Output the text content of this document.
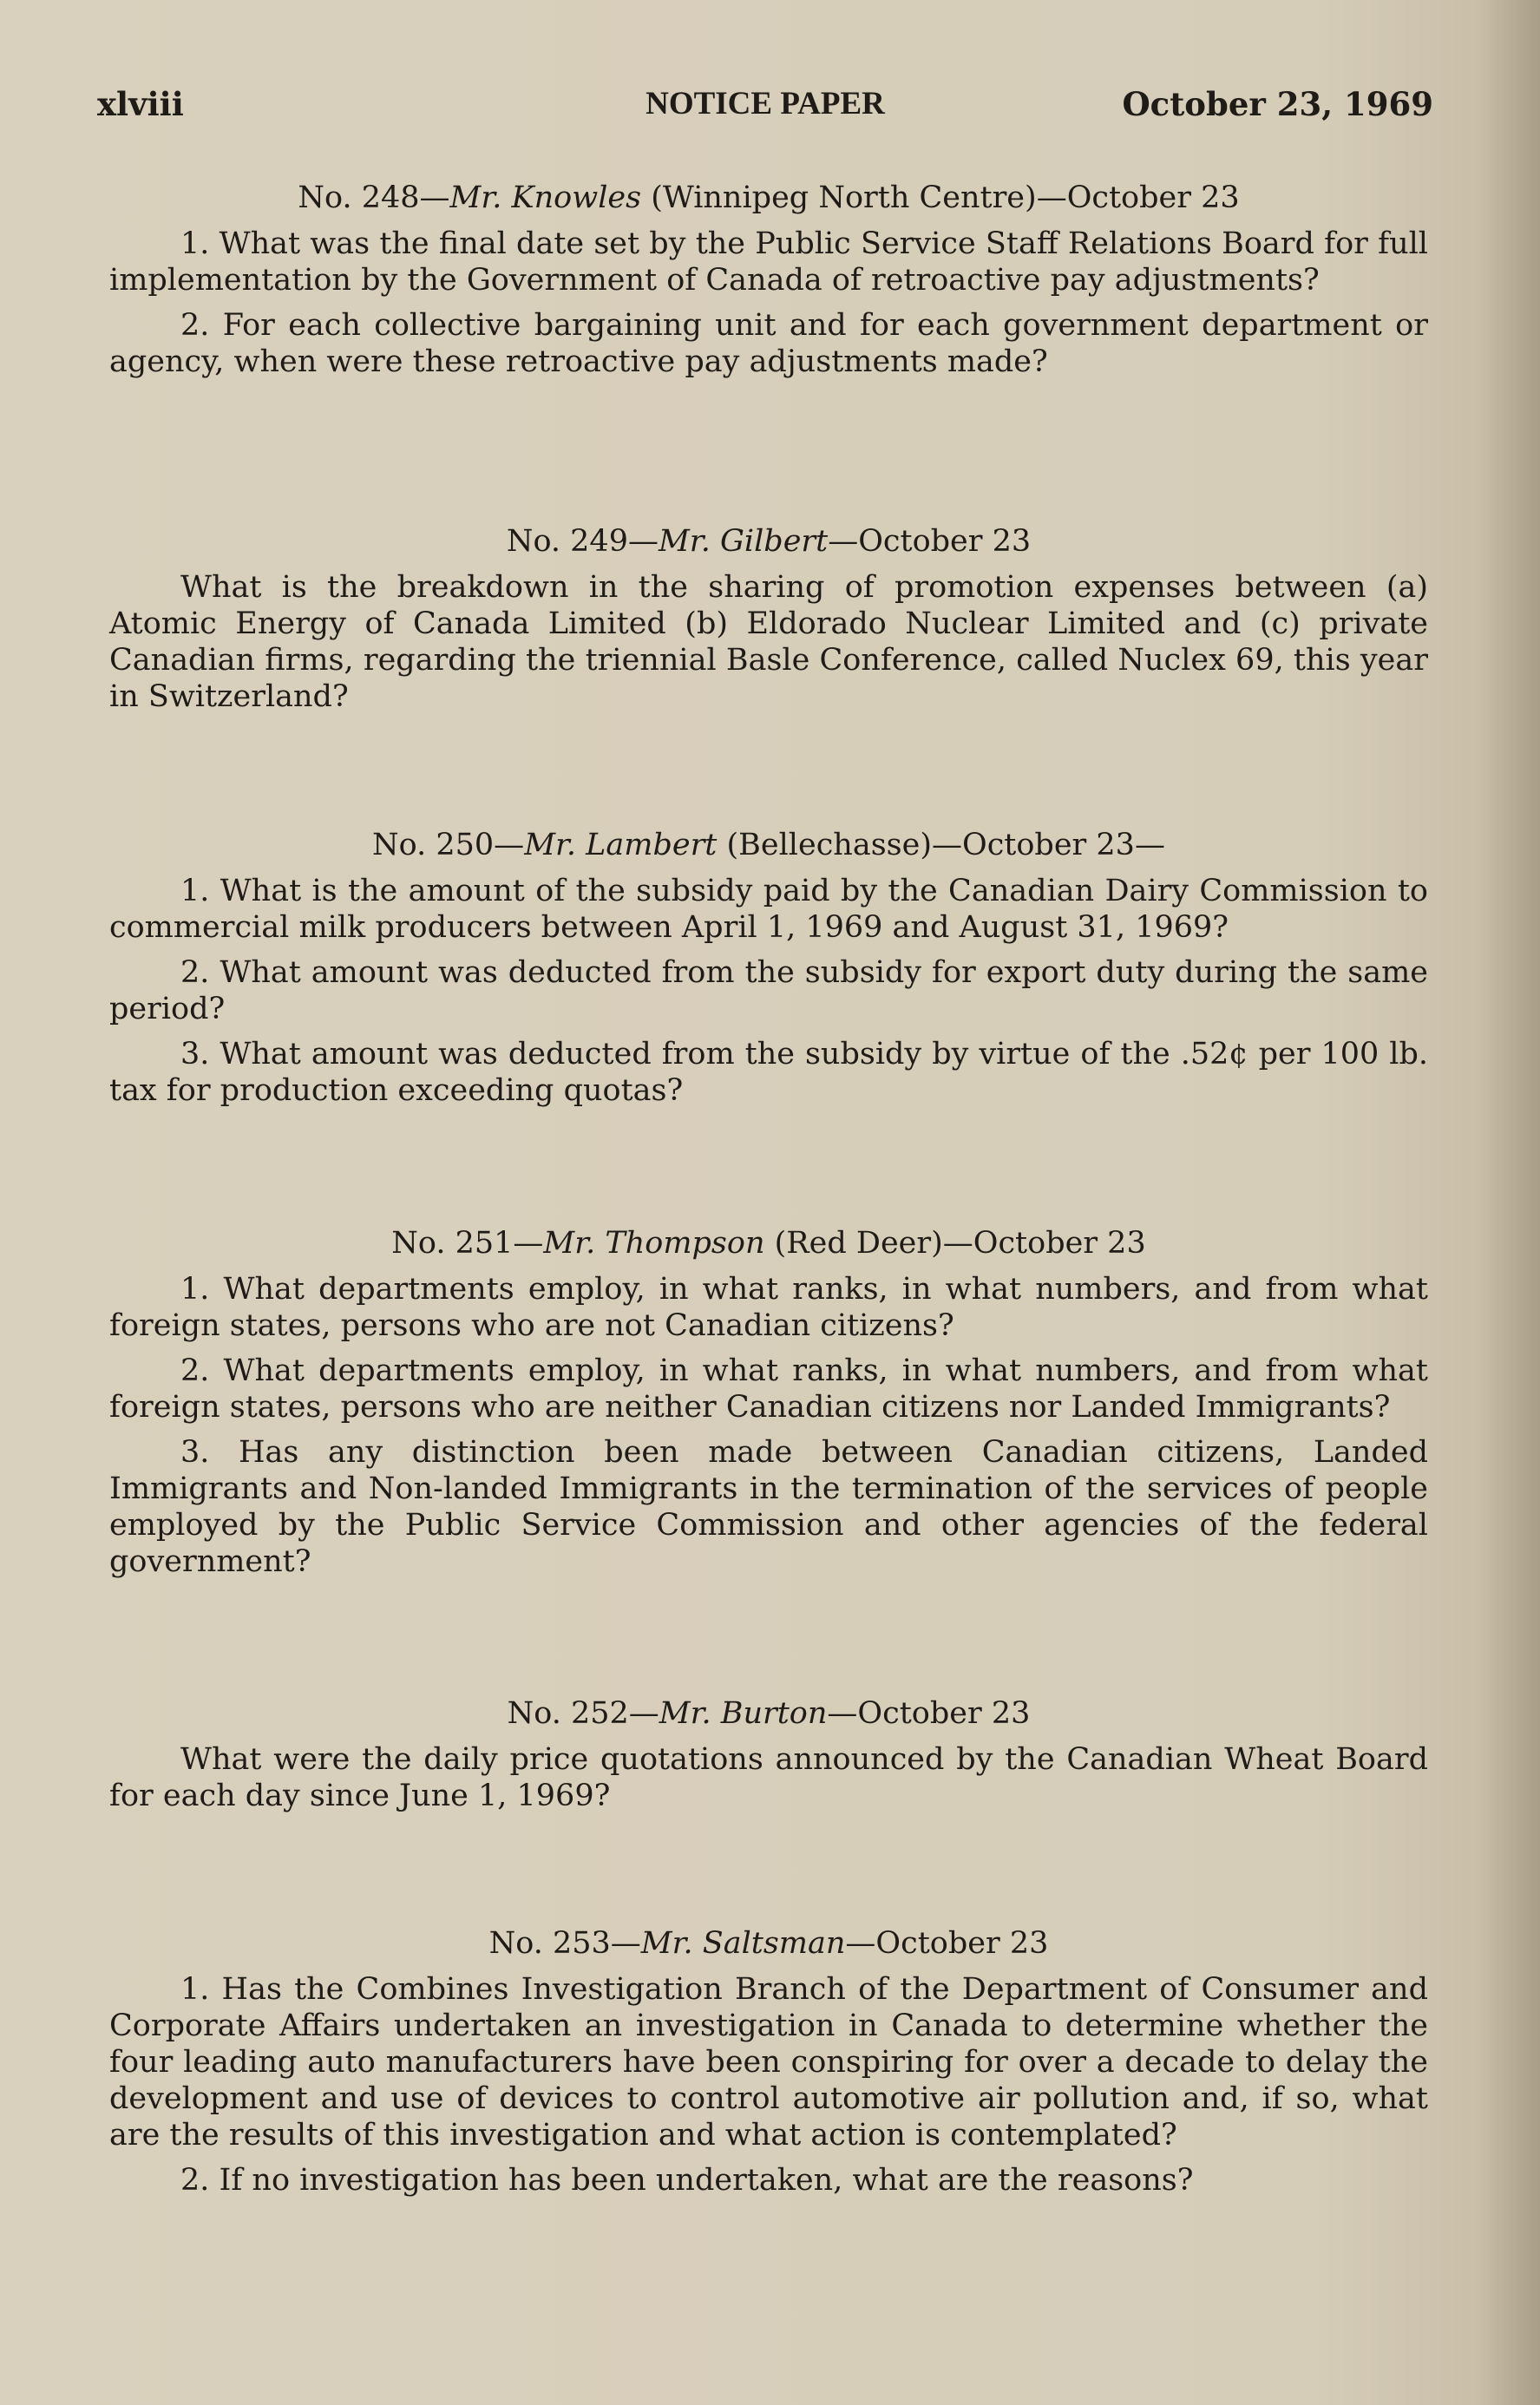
xlviii	NOTICE PAPER	October 23, 1969
No. 248—Mr. Knowles (Winnipeg North Centre)—October 23

1. What was the final date set by the Public Service Staff Relations Board for full implementation by the Government of Canada of retroactive pay adjustments?

2. For each collective bargaining unit and for each government department or agency, when were these retroactive pay adjustments made?

No. 249—Mr. Gilbert—October 23

What is the breakdown in the sharing of promotion expenses between (a) Atomic Energy of Canada Limited (b) Eldorado Nuclear Limited and (c) private Canadian firms, regarding the triennial Basle Conference, called Nuclex 69, this year in Switzerland?

No. 250—Mr. Lambert (Bellechasse)—October 23—

1. What is the amount of the subsidy paid by the Canadian Dairy Commission to commercial milk producers between April 1, 1969 and August 31, 1969?

2. What amount was deducted from the subsidy for export duty during the same period?

3. What amount was deducted from the subsidy by virtue of the .52¢ per 100 lb. tax for production exceeding quotas?

No. 251—Mr. Thompson (Red Deer)—October 23

1. What departments employ, in what ranks, in what numbers, and from what foreign states, persons who are not Canadian citizens?

2. What departments employ, in what ranks, in what numbers, and from what foreign states, persons who are neither Canadian citizens nor Landed Immigrants?

3. Has any distinction been made between Canadian citizens, Landed Immigrants and Non-landed Immigrants in the termination of the services of people employed by the Public Service Commission and other agencies of the federal government?

No. 252—Mr. Burton—October 23

What were the daily price quotations announced by the Canadian Wheat Board for each day since June 1, 1969?

No. 253—Mr. Saltsman—October 23

1. Has the Combines Investigation Branch of the Department of Consumer and Corporate Affairs undertaken an investigation in Canada to determine whether the four leading auto manufacturers have been conspiring for over a decade to delay the development and use of devices to control automotive air pollution and, if so, what are the results of this investigation and what action is contemplated?

2. If no investigation has been undertaken, what are the reasons?
